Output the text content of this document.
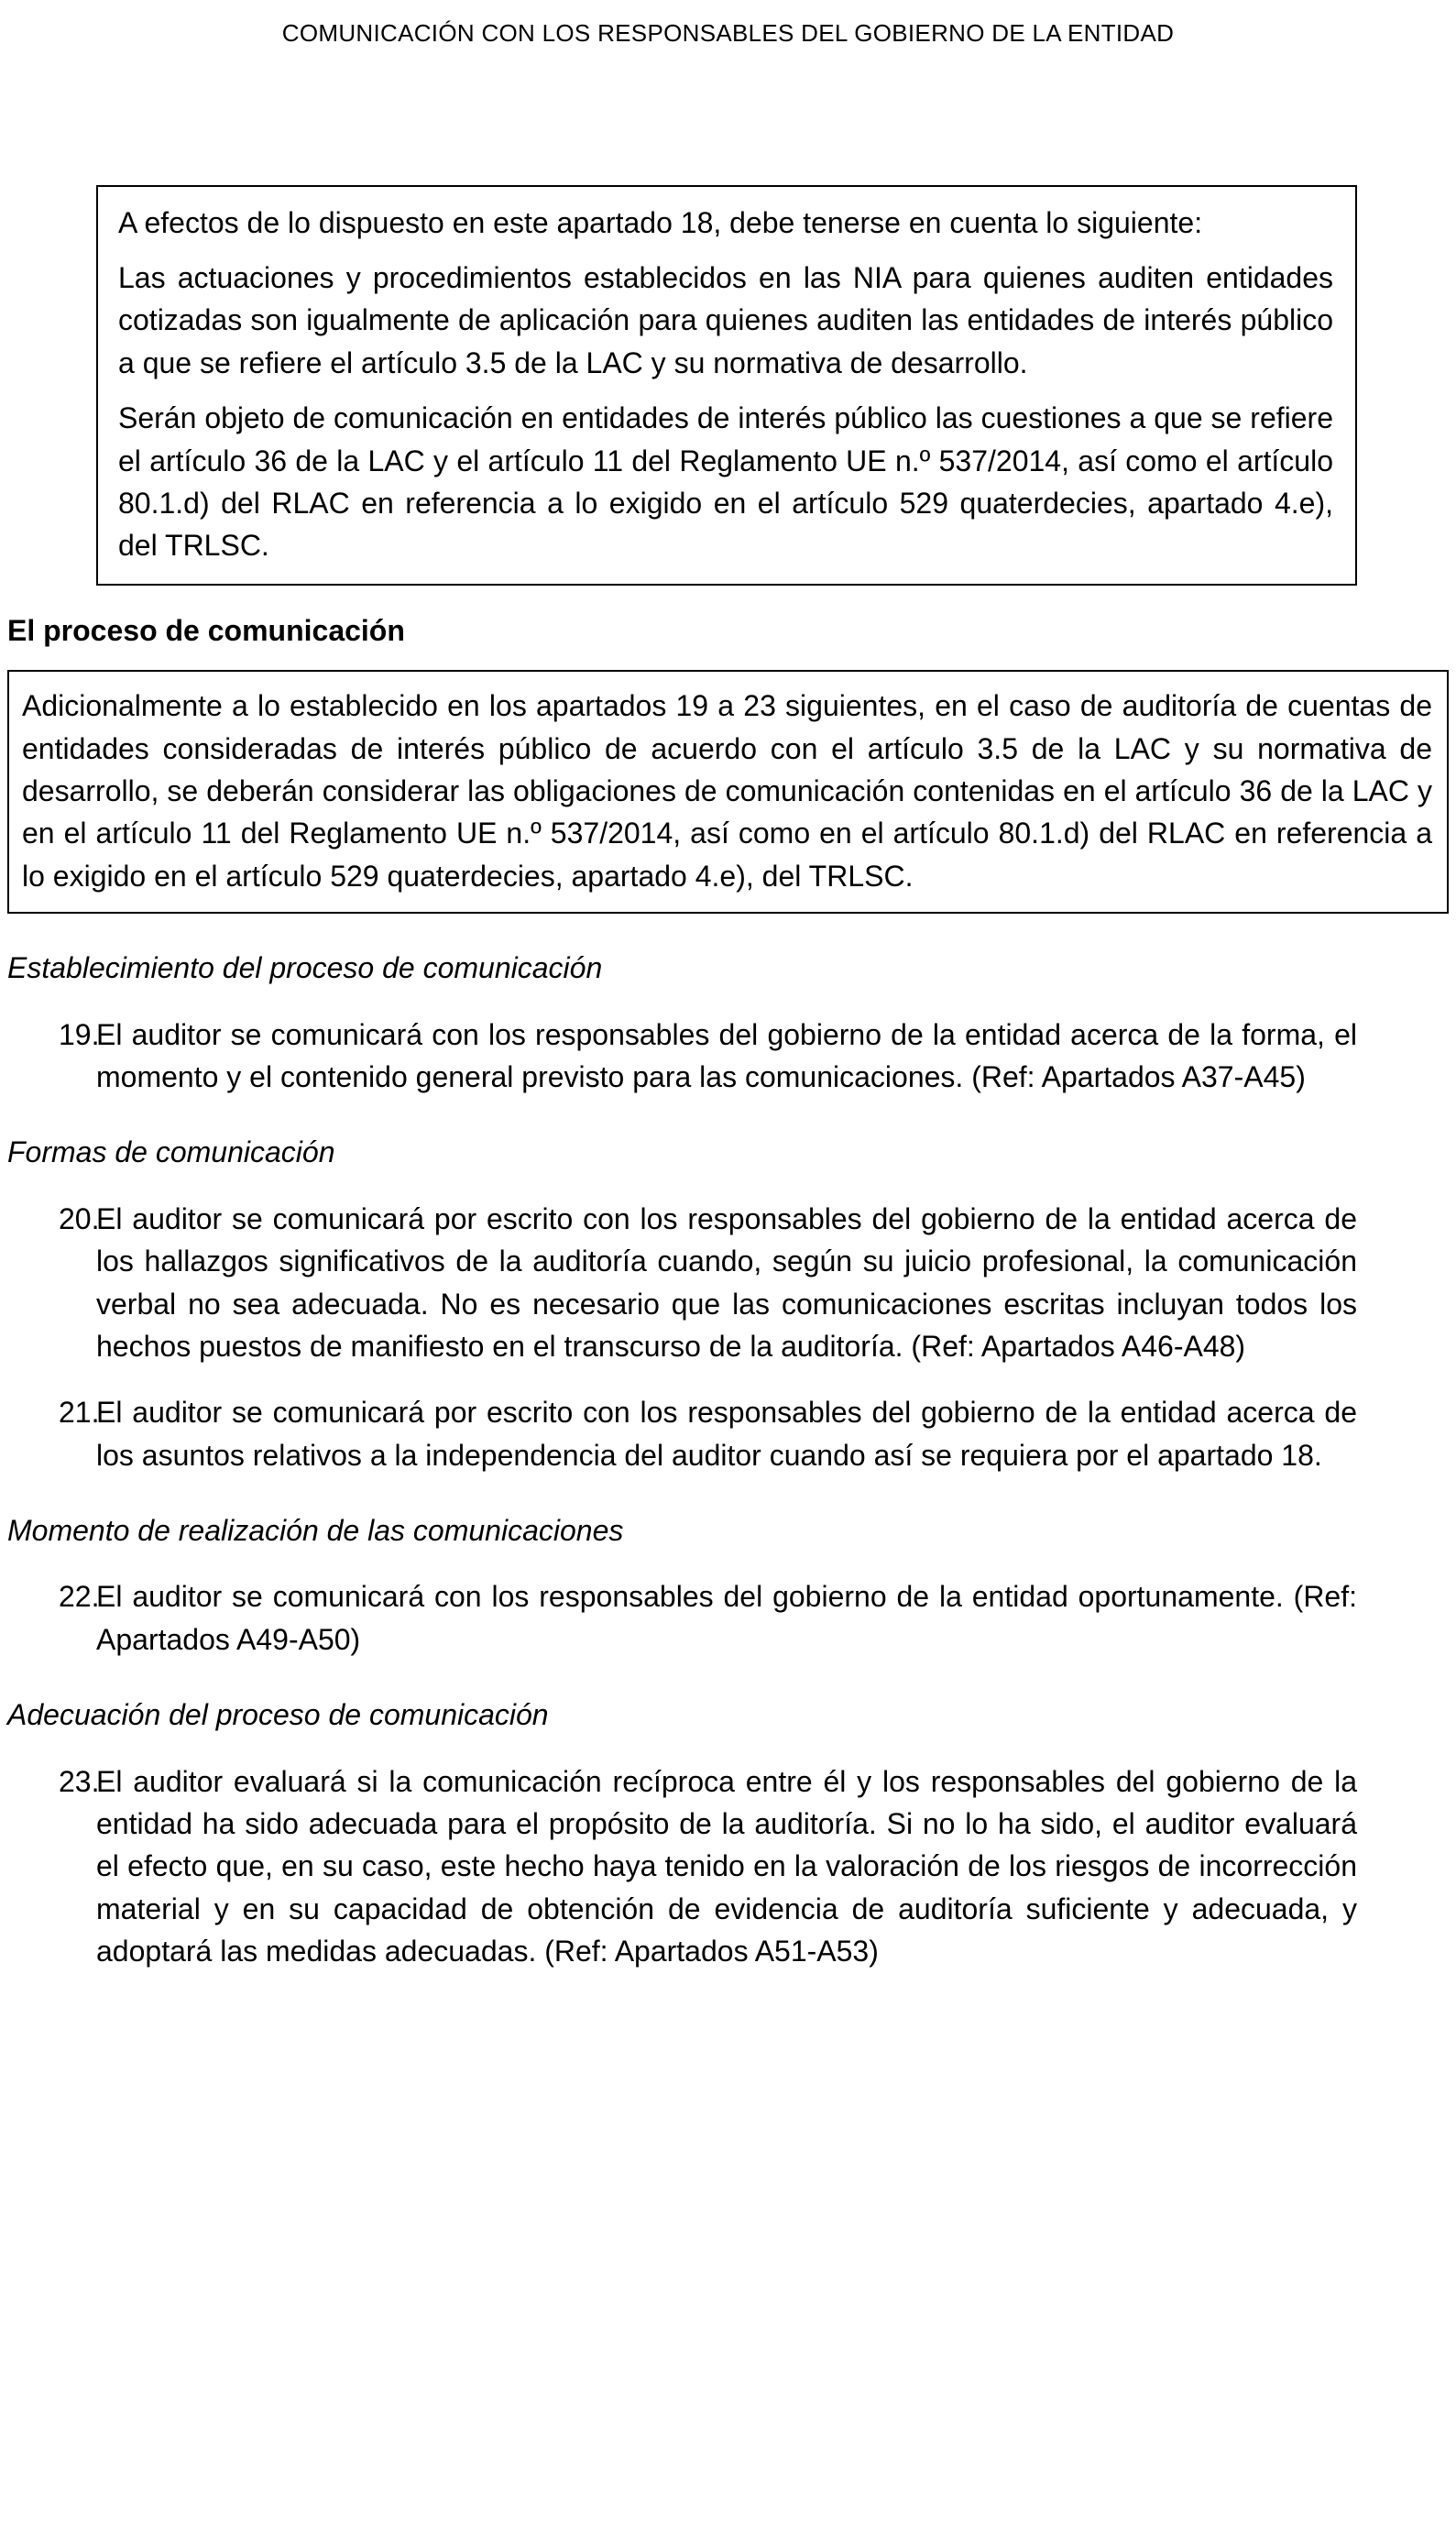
COMUNICACIÓN CON LOS RESPONSABLES DEL GOBIERNO DE LA ENTIDAD

A efectos de lo dispuesto en este apartado 18, debe tenerse en cuenta lo siguiente:

Las actuaciones y procedimientos establecidos en las NIA para quienes auditen entidades cotizadas son igualmente de aplicación para quienes auditen las entidades de interés público a que se refiere el artículo 3.5 de la LAC y su normativa de desarrollo.

Serán objeto de comunicación en entidades de interés público las cuestiones a que se refiere el artículo 36 de la LAC y el artículo 11 del Reglamento UE n.º 537/2014, así como el artículo 80.1.d) del RLAC en referencia a lo exigido en el artículo 529 quaterdecies, apartado 4.e), del TRLSC.

El proceso de comunicación

Adicionalmente a lo establecido en los apartados 19 a 23 siguientes, en el caso de auditoría de cuentas de entidades consideradas de interés público de acuerdo con el artículo 3.5 de la LAC y su normativa de desarrollo, se deberán considerar las obligaciones de comunicación contenidas en el artículo 36 de la LAC y en el artículo 11 del Reglamento UE n.º 537/2014, así como en el artículo 80.1.d) del RLAC en referencia a lo exigido en el artículo 529 quaterdecies, apartado 4.e), del TRLSC.

Establecimiento del proceso de comunicación
19.
El auditor se comunicará con los responsables del gobierno de la entidad acerca de la forma, el momento y el contenido general previsto para las comunicaciones. (Ref: Apartados A37-A45)
Formas de comunicación
20.
El auditor se comunicará por escrito con los responsables del gobierno de la entidad acerca de los hallazgos significativos de la auditoría cuando, según su juicio profesional, la comunicación verbal no sea adecuada. No es necesario que las comunicaciones escritas incluyan todos los hechos puestos de manifiesto en el transcurso de la auditoría. (Ref: Apartados A46-A48)
21.
El auditor se comunicará por escrito con los responsables del gobierno de la entidad acerca de los asuntos relativos a la independencia del auditor cuando así se requiera por el apartado 18.
Momento de realización de las comunicaciones
22.
El auditor se comunicará con los responsables del gobierno de la entidad oportunamente. (Ref: Apartados A49-A50)
Adecuación del proceso de comunicación
23.
El auditor evaluará si la comunicación recíproca entre él y los responsables del gobierno de la entidad ha sido adecuada para el propósito de la auditoría. Si no lo ha sido, el auditor evaluará el efecto que, en su caso, este hecho haya tenido en la valoración de los riesgos de incorrección material y en su capacidad de obtención de evidencia de auditoría suficiente y adecuada, y adoptará las medidas adecuadas. (Ref: Apartados A51-A53)
